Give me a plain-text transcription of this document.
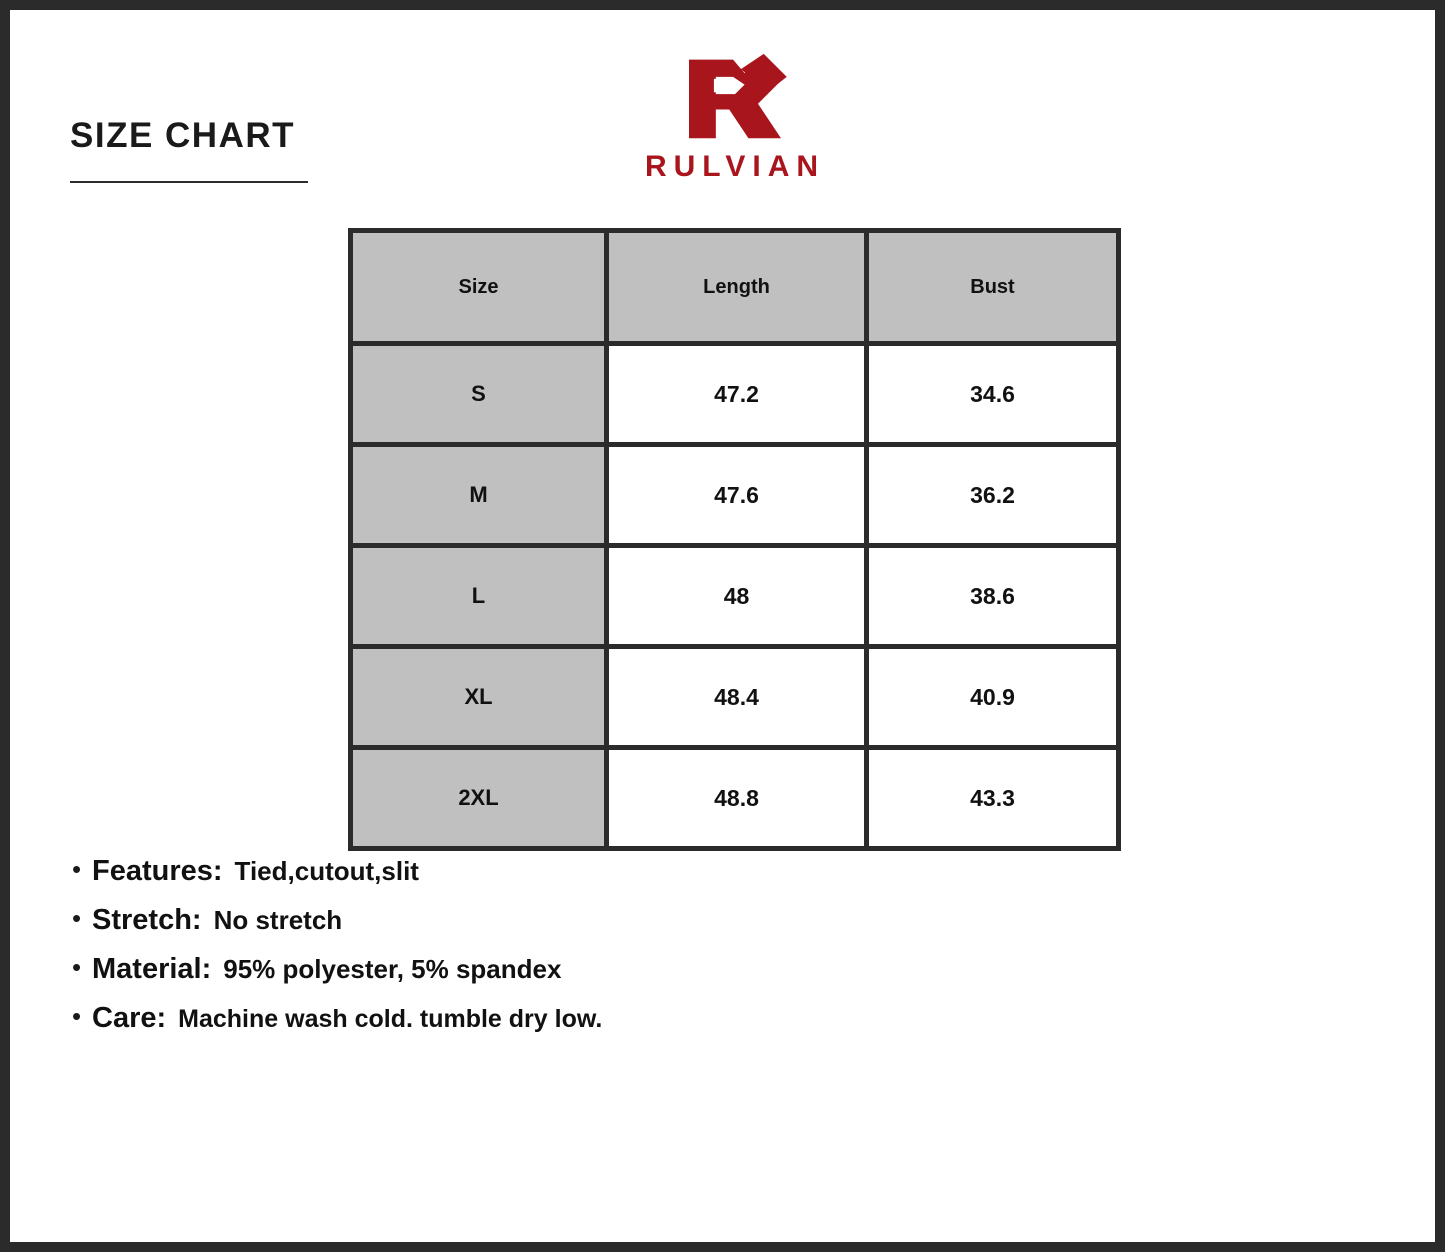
SIZE CHART
RULVIAN
Size	Length	Bust
S	47.2	34.6
M	47.6	36.2
L	48	38.6
XL	48.4	40.9
2XL	48.8	43.3
• Features: Tied,cutout,slit
• Stretch: No stretch
• Material: 95% polyester, 5% spandex
• Care: Machine wash cold. tumble dry low.
